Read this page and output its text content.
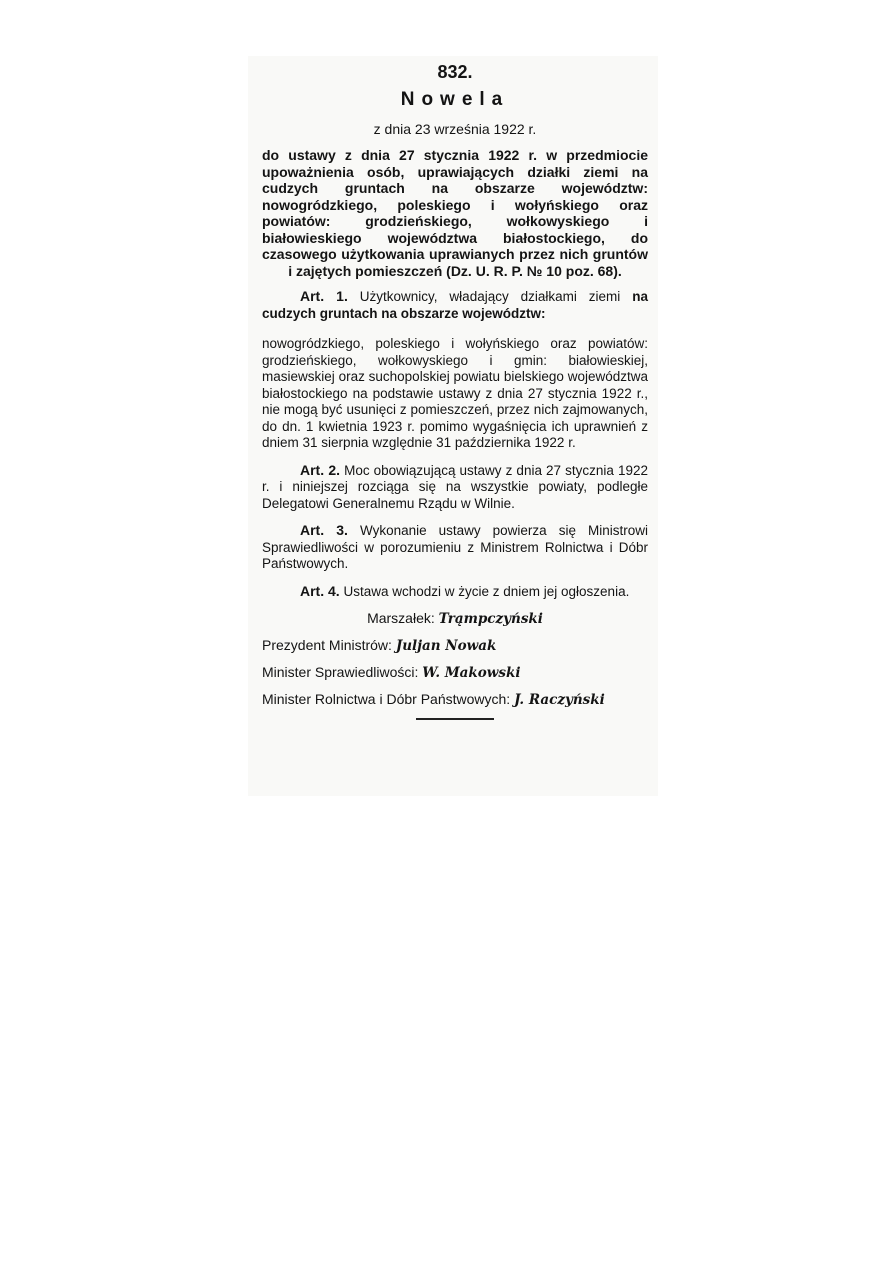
832.
Nowela
z dnia 23 września 1922 r.
do ustawy z dnia 27 stycznia 1922 r. w przedmiocie upoważnienia osób, uprawiających działki ziemi na cudzych gruntach na obszarze województw: nowogródzkiego, poleskiego i wołyńskiego oraz powiatów: grodzieńskiego, wołkowyskiego i białowieskiego województwa białostockiego, do czasowego użytkowania uprawianych przez nich gruntów i zajętych pomieszczeń (Dz. U. R. P. № 10 poz. 68).
Art. 1. Użytkownicy, władający działkami ziemi na cudzych gruntach na obszarze województw:
nowogródzkiego, poleskiego i wołyńskiego oraz powiatów: grodzieńskiego, wołkowyskiego i gmin: białowieskiej, masiewskiej oraz suchopolskiej powiatu bielskiego województwa białostockiego na podstawie ustawy z dnia 27 stycznia 1922 r., nie mogą być usunięci z pomieszczeń, przez nich zajmowanych, do dn. 1 kwietnia 1923 r. pomimo wygaśnięcia ich uprawnień z dniem 31 sierpnia względnie 31 października 1922 r.
Art. 2. Moc obowiązującą ustawy z dnia 27 stycznia 1922 r. i niniejszej rozciąga się na wszystkie powiaty, podległe Delegatowi Generalnemu Rządu w Wilnie.
Art. 3. Wykonanie ustawy powierza się Ministrowi Sprawiedliwości w porozumieniu z Ministrem Rolnictwa i Dóbr Państwowych.
Art. 4. Ustawa wchodzi w życie z dniem jej ogłoszenia.
Marszałek: Trąmpczyński
Prezydent Ministrów: Juljan Nowak
Minister Sprawiedliwości: W. Makowski
Minister Rolnictwa i Dóbr Państwowych: J. Raczyński
